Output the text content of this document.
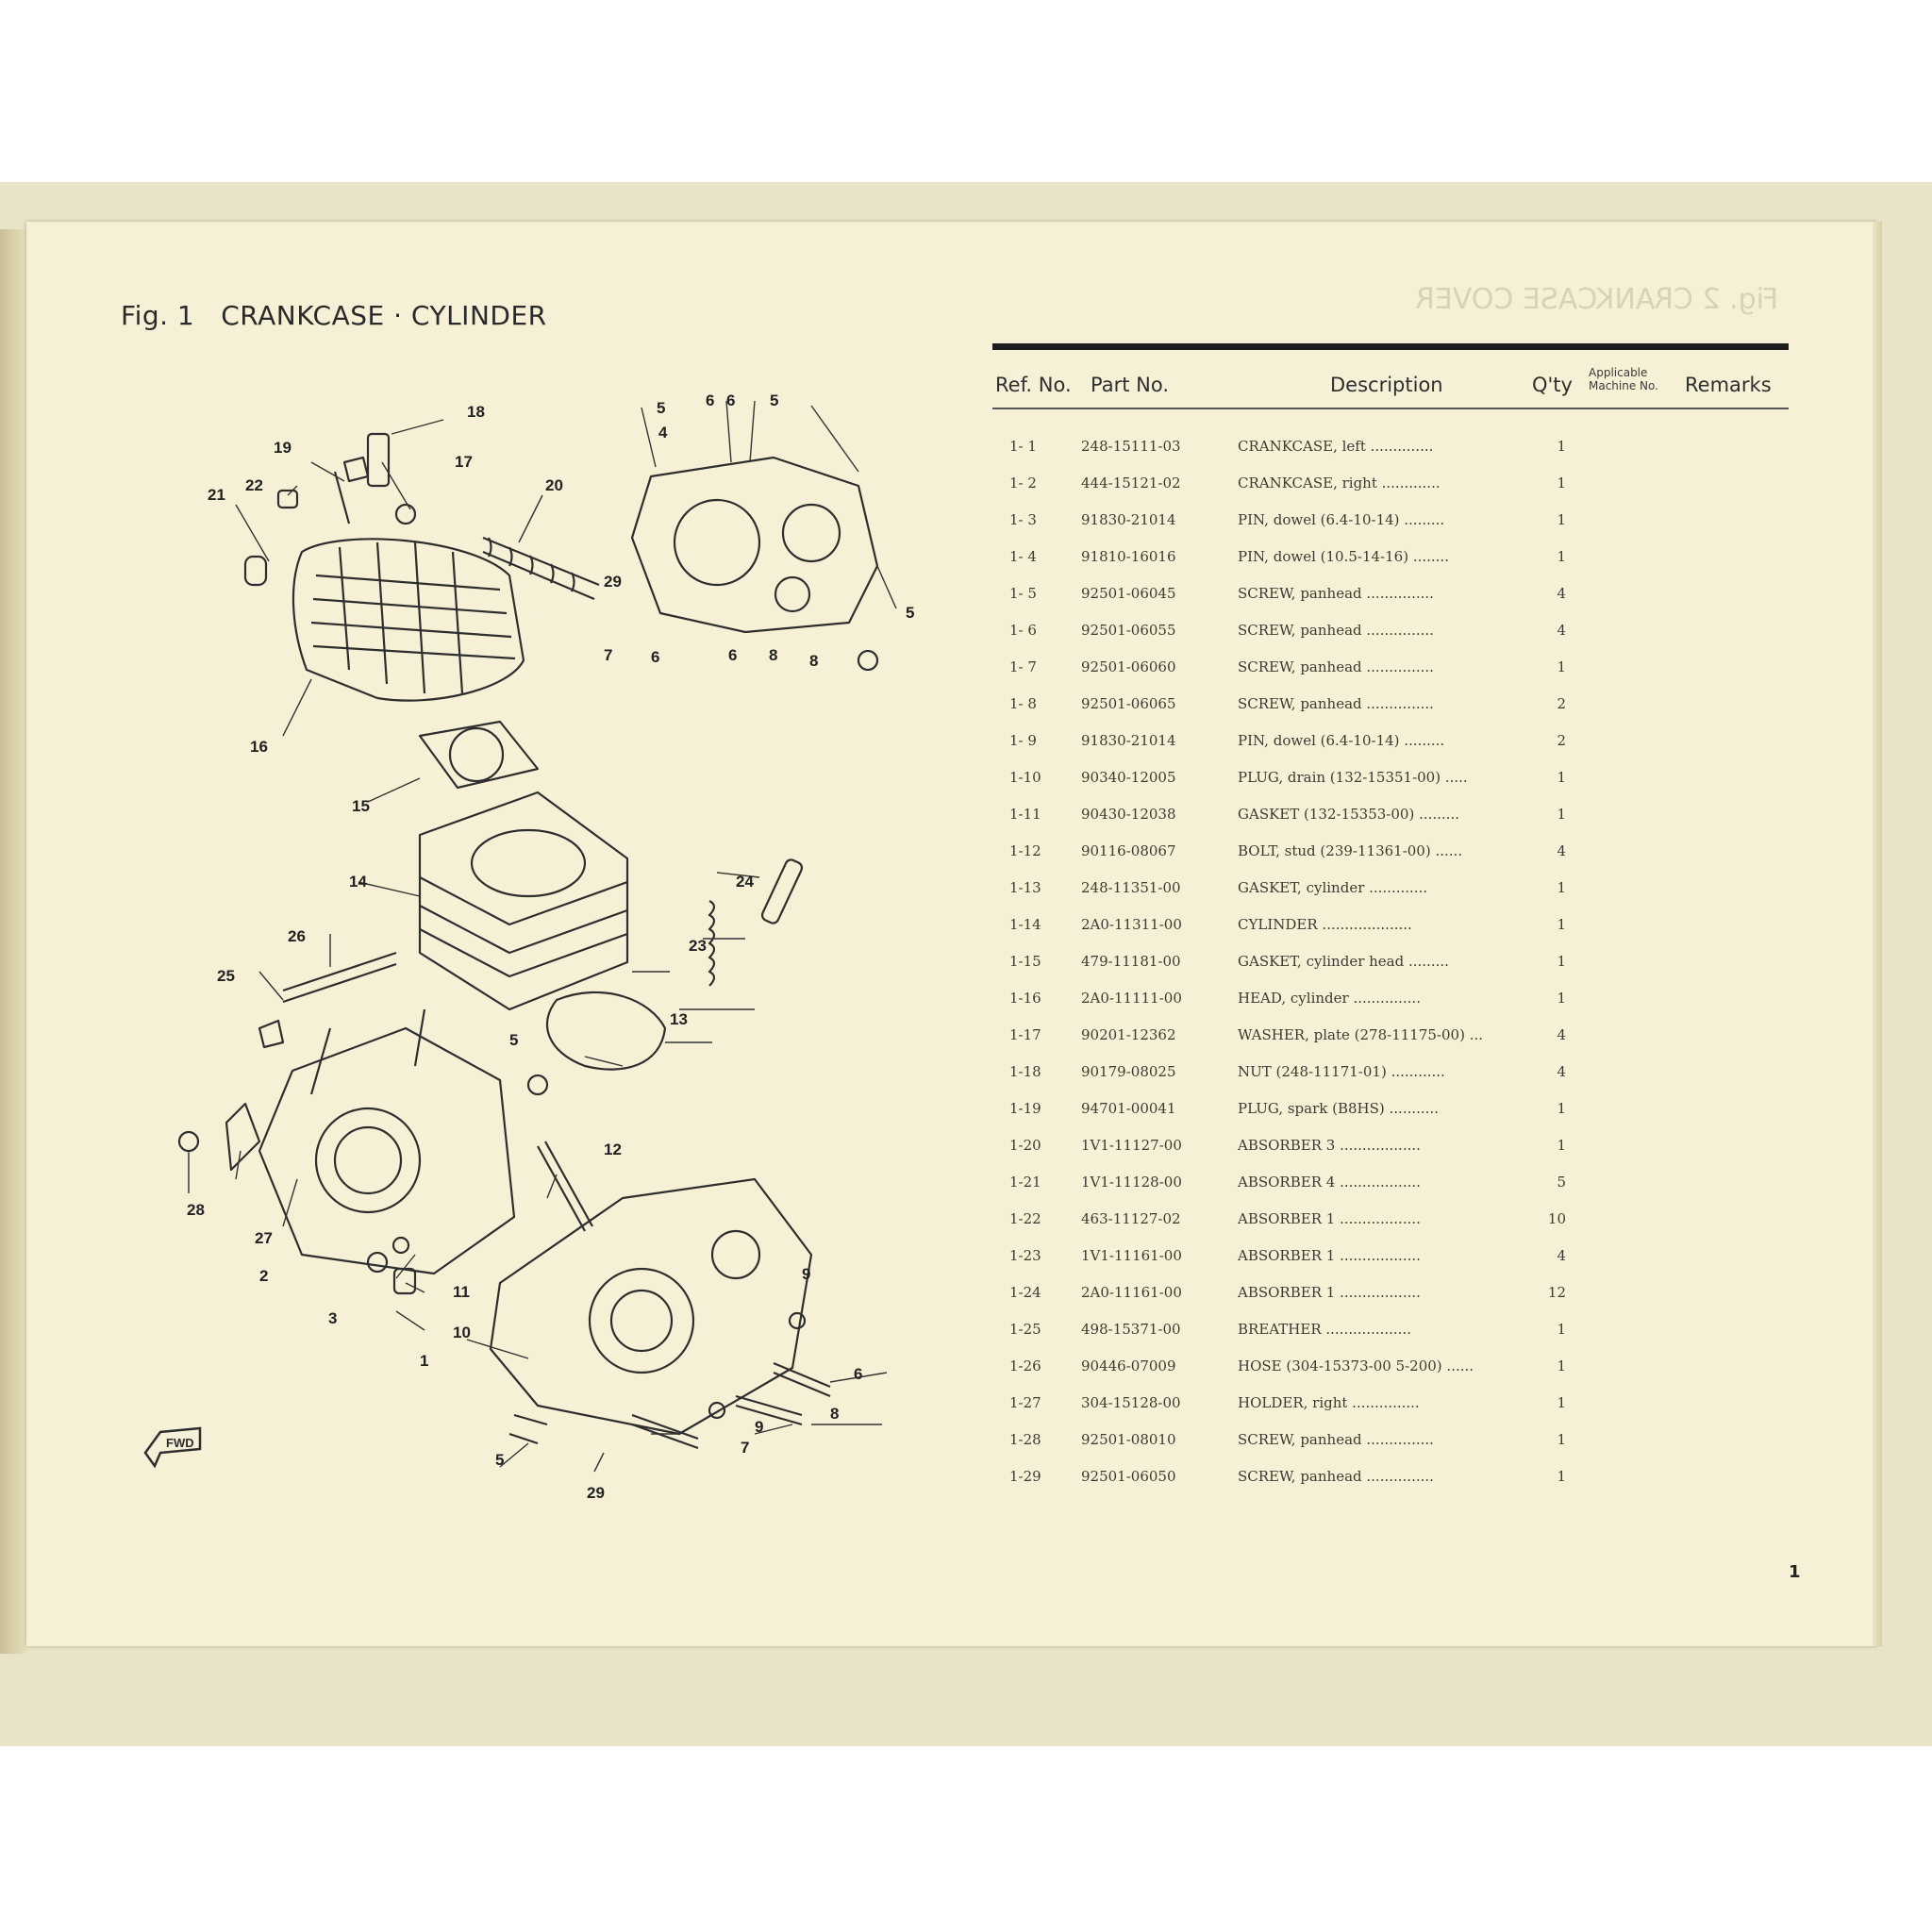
Fig. 1 CRANKCASE · CYLINDER	Fig. 2 CRANKCASE COVER
18
17
19
22
21
20
16
15
14	24
23
13
25
26
5
12
27
28
2
3
11
10
1
9
6
9
8
7
5
29
5	6 6
4
5
5
7 6	6 8 8
29
FWD
Ref. No. Part No.	Description	Q'ty
Applicable
Machine No. Remarks
1- 1	248-15111-03	CRANKCASE, left ..............	1
1- 2	444-15121-02	CRANKCASE, right .............	1
1- 3	91830-21014	PIN, dowel (6.4-10-14) .........	1
1- 4	91810-16016	PIN, dowel (10.5-14-16) ........	1
1- 5	92501-06045	SCREW, panhead ...............	4
1- 6	92501-06055	SCREW, panhead ...............	4
1- 7	92501-06060	SCREW, panhead ...............	1
1- 8	92501-06065	SCREW, panhead ...............	2
1- 9	91830-21014	PIN, dowel (6.4-10-14) .........	2
1-10	90340-12005	PLUG, drain (132-15351-00) .....	1
1-11	90430-12038	GASKET (132-15353-00) .........	1
1-12	90116-08067	BOLT, stud (239-11361-00) ......	4
1-13	248-11351-00	GASKET, cylinder .............	1
1-14	2A0-11311-00	CYLINDER ....................	1
1-15	479-11181-00	GASKET, cylinder head .........	1
1-16	2A0-11111-00	HEAD, cylinder ...............	1
1-17	90201-12362	WASHER, plate (278-11175-00) ...	4
1-18	90179-08025	NUT (248-11171-01) ............	4
1-19	94701-00041	PLUG, spark (B8HS) ...........	1
1-20	1V1-11127-00	ABSORBER 3 ..................	1
1-21	1V1-11128-00	ABSORBER 4 ..................	5
1-22	463-11127-02	ABSORBER 1 ..................	10
1-23	1V1-11161-00	ABSORBER 1 ..................	4
1-24	2A0-11161-00	ABSORBER 1 ..................	12
1-25	498-15371-00	BREATHER ...................	1
1-26	90446-07009	HOSE (304-15373-00 5-200) ......	1
1-27	304-15128-00	HOLDER, right ...............	1
1-28	92501-08010	SCREW, panhead ...............	1
1-29	92501-06050	SCREW, panhead ...............	1
1
